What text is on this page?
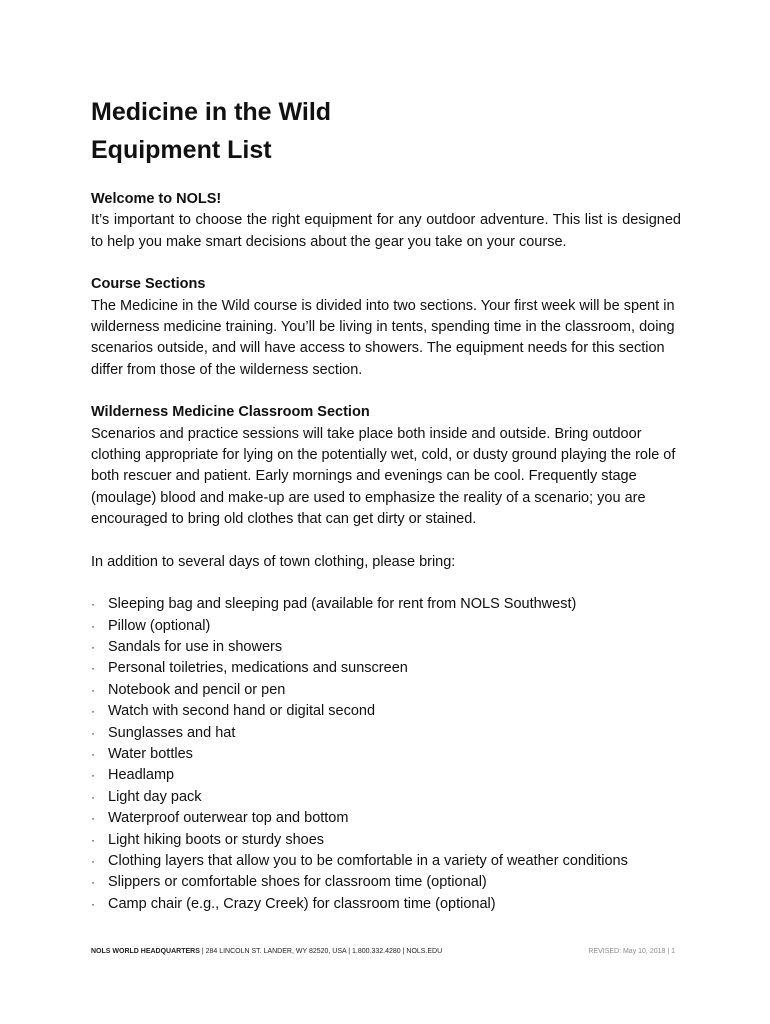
Medicine in the Wild
Equipment List
Welcome to NOLS!

It’s important to choose the right equipment for any outdoor adventure. This list is designed to help you make smart decisions about the gear you take on your course.

Course Sections

The Medicine in the Wild course is divided into two sections. Your first week will be spent in wilderness medicine training. You’ll be living in tents, spending time in the classroom, doing scenarios outside, and will have access to showers. The equipment needs for this section differ from those of the wilderness section.

Wilderness Medicine Classroom Section

Scenarios and practice sessions will take place both inside and outside. Bring outdoor clothing appropriate for lying on the potentially wet, cold, or dusty ground playing the role of both rescuer and patient. Early mornings and evenings can be cool. Frequently stage (moulage) blood and make-up are used to emphasize the reality of a scenario; you are encouraged to bring old clothes that can get dirty or stained.

In addition to several days of town clothing, please bring:
· Sleeping bag and sleeping pad (available for rent from NOLS Southwest)
· Pillow (optional)
· Sandals for use in showers
· Personal toiletries, medications and sunscreen
· Notebook and pencil or pen
· Watch with second hand or digital second
· Sunglasses and hat
· Water bottles
· Headlamp
· Light day pack
· Waterproof outerwear top and bottom
· Light hiking boots or sturdy shoes
· Clothing layers that allow you to be comfortable in a variety of weather conditions
· Slippers or comfortable shoes for classroom time (optional)
· Camp chair (e.g., Crazy Creek) for classroom time (optional)
NOLS WORLD HEADQUARTERS | 284 LINCOLN ST. LANDER, WY 82520, USA | 1.800.332.4280 | NOLS.EDU	REVISED: May 10, 2018 | 1
